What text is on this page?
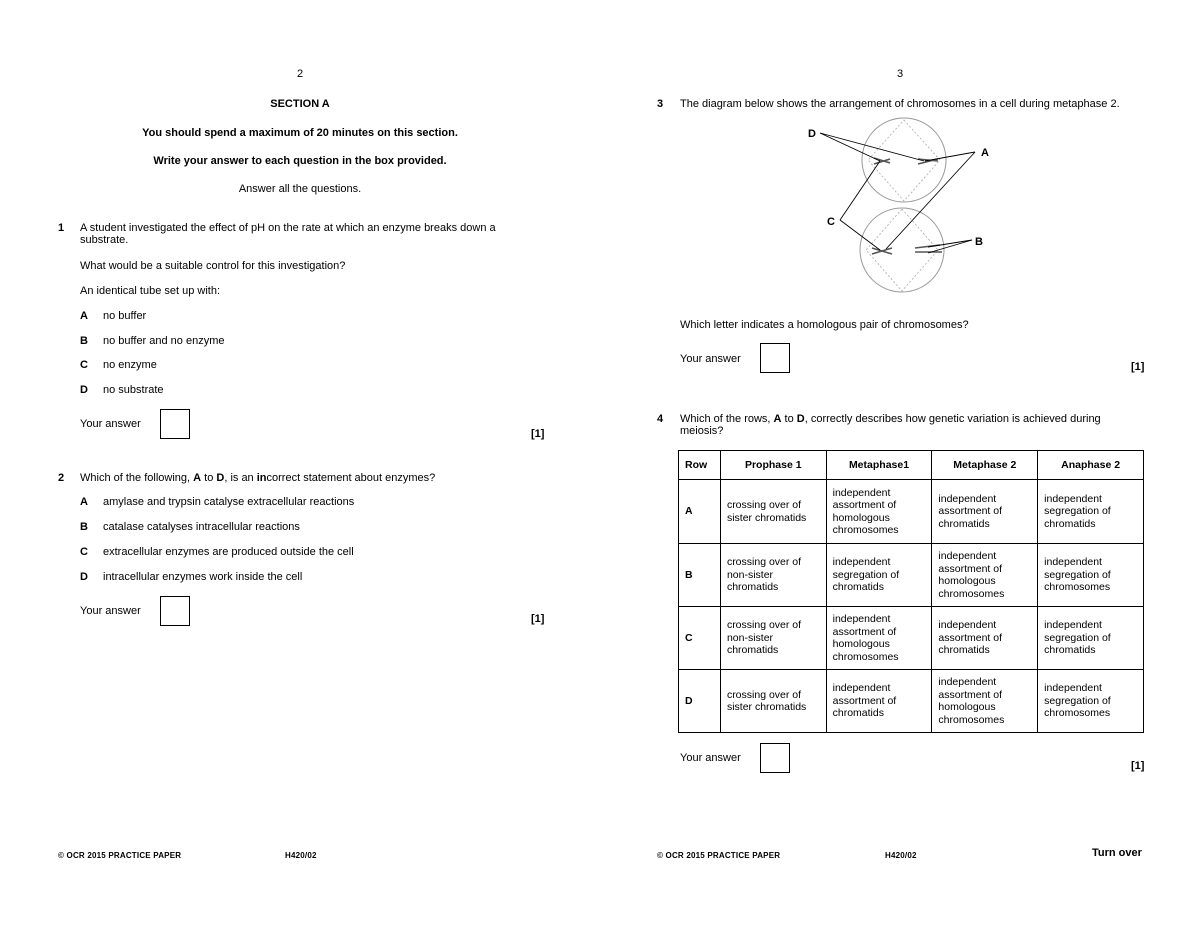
2
SECTION A
You should spend a maximum of 20 minutes on this section.
Write your answer to each question in the box provided.
Answer all the questions.
1	A student investigated the effect of pH on the rate at which an enzyme breaks down a
substrate.
What would be a suitable control for this investigation?
An identical tube set up with:
A no buffer
B no buffer and no enzyme
C no enzyme
D no substrate
Your answer
[1]
2	Which of the following, A to D, is an incorrect statement about enzymes?
A amylase and trypsin catalyse extracellular reactions
B catalase catalyses intracellular reactions
C extracellular enzymes are produced outside the cell
D intracellular enzymes work inside the cell
Your answer
[1]
© OCR 2015 PRACTICE PAPER	H420/02
3
3	The diagram below shows the arrangement of chromosomes in a cell during metaphase 2.
D
A
C
B
Which letter indicates a homologous pair of chromosomes?
Your answer
[1]
4	Which of the rows, A to D, correctly describes how genetic variation is achieved during
meiosis?
Row	Prophase 1	Metaphase1	Metaphase 2	Anaphase 2
A	crossing over of sister chromatids	independent assortment of homologous chromosomes	independent assortment of chromatids	independent segregation of chromatids
B	crossing over of non-sister chromatids	independent segregation of chromatids	independent assortment of homologous chromosomes	independent segregation of chromosomes
C	crossing over of non-sister chromatids	independent assortment of homologous chromosomes	independent assortment of chromatids	independent segregation of chromatids
D	crossing over of sister chromatids	independent assortment of chromatids	independent assortment of homologous chromosomes	independent segregation of chromosomes
Your answer
[1]
© OCR 2015 PRACTICE PAPER	H420/02	Turn over
